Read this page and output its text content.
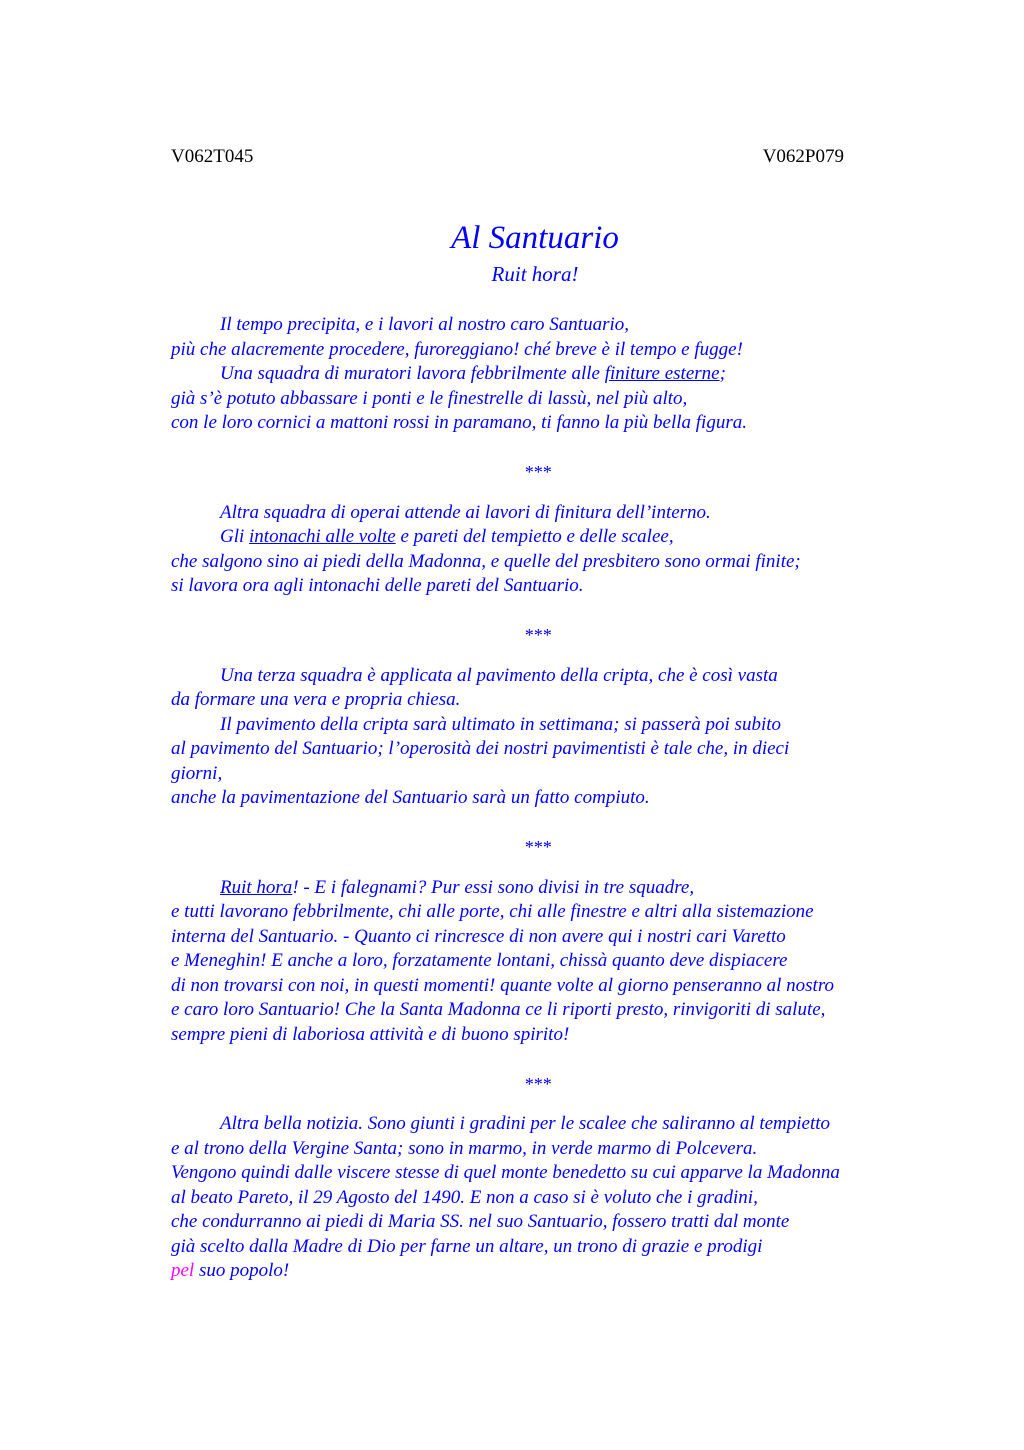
V062T045	V062P079
Al Santuario
Ruit hora!
Il tempo precipita, e i lavori al nostro caro Santuario,
più che alacremente procedere, furoreggiano! ché breve è il tempo e fugge!
Una squadra di muratori lavora febbrilmente alle finiture esterne;
già s’è potuto abbassare i ponti e le finestrelle di lassù, nel più alto,
con le loro cornici a mattoni rossi in paramano, ti fanno la più bella figura.
***
Altra squadra di operai attende ai lavori di finitura dell’interno.
Gli intonachi alle volte e pareti del tempietto e delle scalee,
che salgono sino ai piedi della Madonna, e quelle del presbitero sono ormai finite;
si lavora ora agli intonachi delle pareti del Santuario.
***
Una terza squadra è applicata al pavimento della cripta, che è così vasta
da formare una vera e propria chiesa.
Il pavimento della cripta sarà ultimato in settimana; si passerà poi subito
al pavimento del Santuario; l’operosità dei nostri pavimentisti è tale che, in dieci
giorni,
anche la pavimentazione del Santuario sarà un fatto compiuto.
***
Ruit hora! - E i falegnami? Pur essi sono divisi in tre squadre,
e tutti lavorano febbrilmente, chi alle porte, chi alle finestre e altri alla sistemazione
interna del Santuario. - Quanto ci rincresce di non avere qui i nostri cari Varetto
e Meneghin! E anche a loro, forzatamente lontani, chissà quanto deve dispiacere
di non trovarsi con noi, in questi momenti! quante volte al giorno penseranno al nostro
e caro loro Santuario! Che la Santa Madonna ce li riporti presto, rinvigoriti di salute,
sempre pieni di laboriosa attività e di buono spirito!
***
Altra bella notizia. Sono giunti i gradini per le scalee che saliranno al tempietto
e al trono della Vergine Santa; sono in marmo, in verde marmo di Polcevera.
Vengono quindi dalle viscere stesse di quel monte benedetto su cui apparve la Madonna
al beato Pareto, il 29 Agosto del 1490. E non a caso si è voluto che i gradini,
che condurranno ai piedi di Maria SS. nel suo Santuario, fossero tratti dal monte
già scelto dalla Madre di Dio per farne un altare, un trono di grazie e prodigi
pel suo popolo!
